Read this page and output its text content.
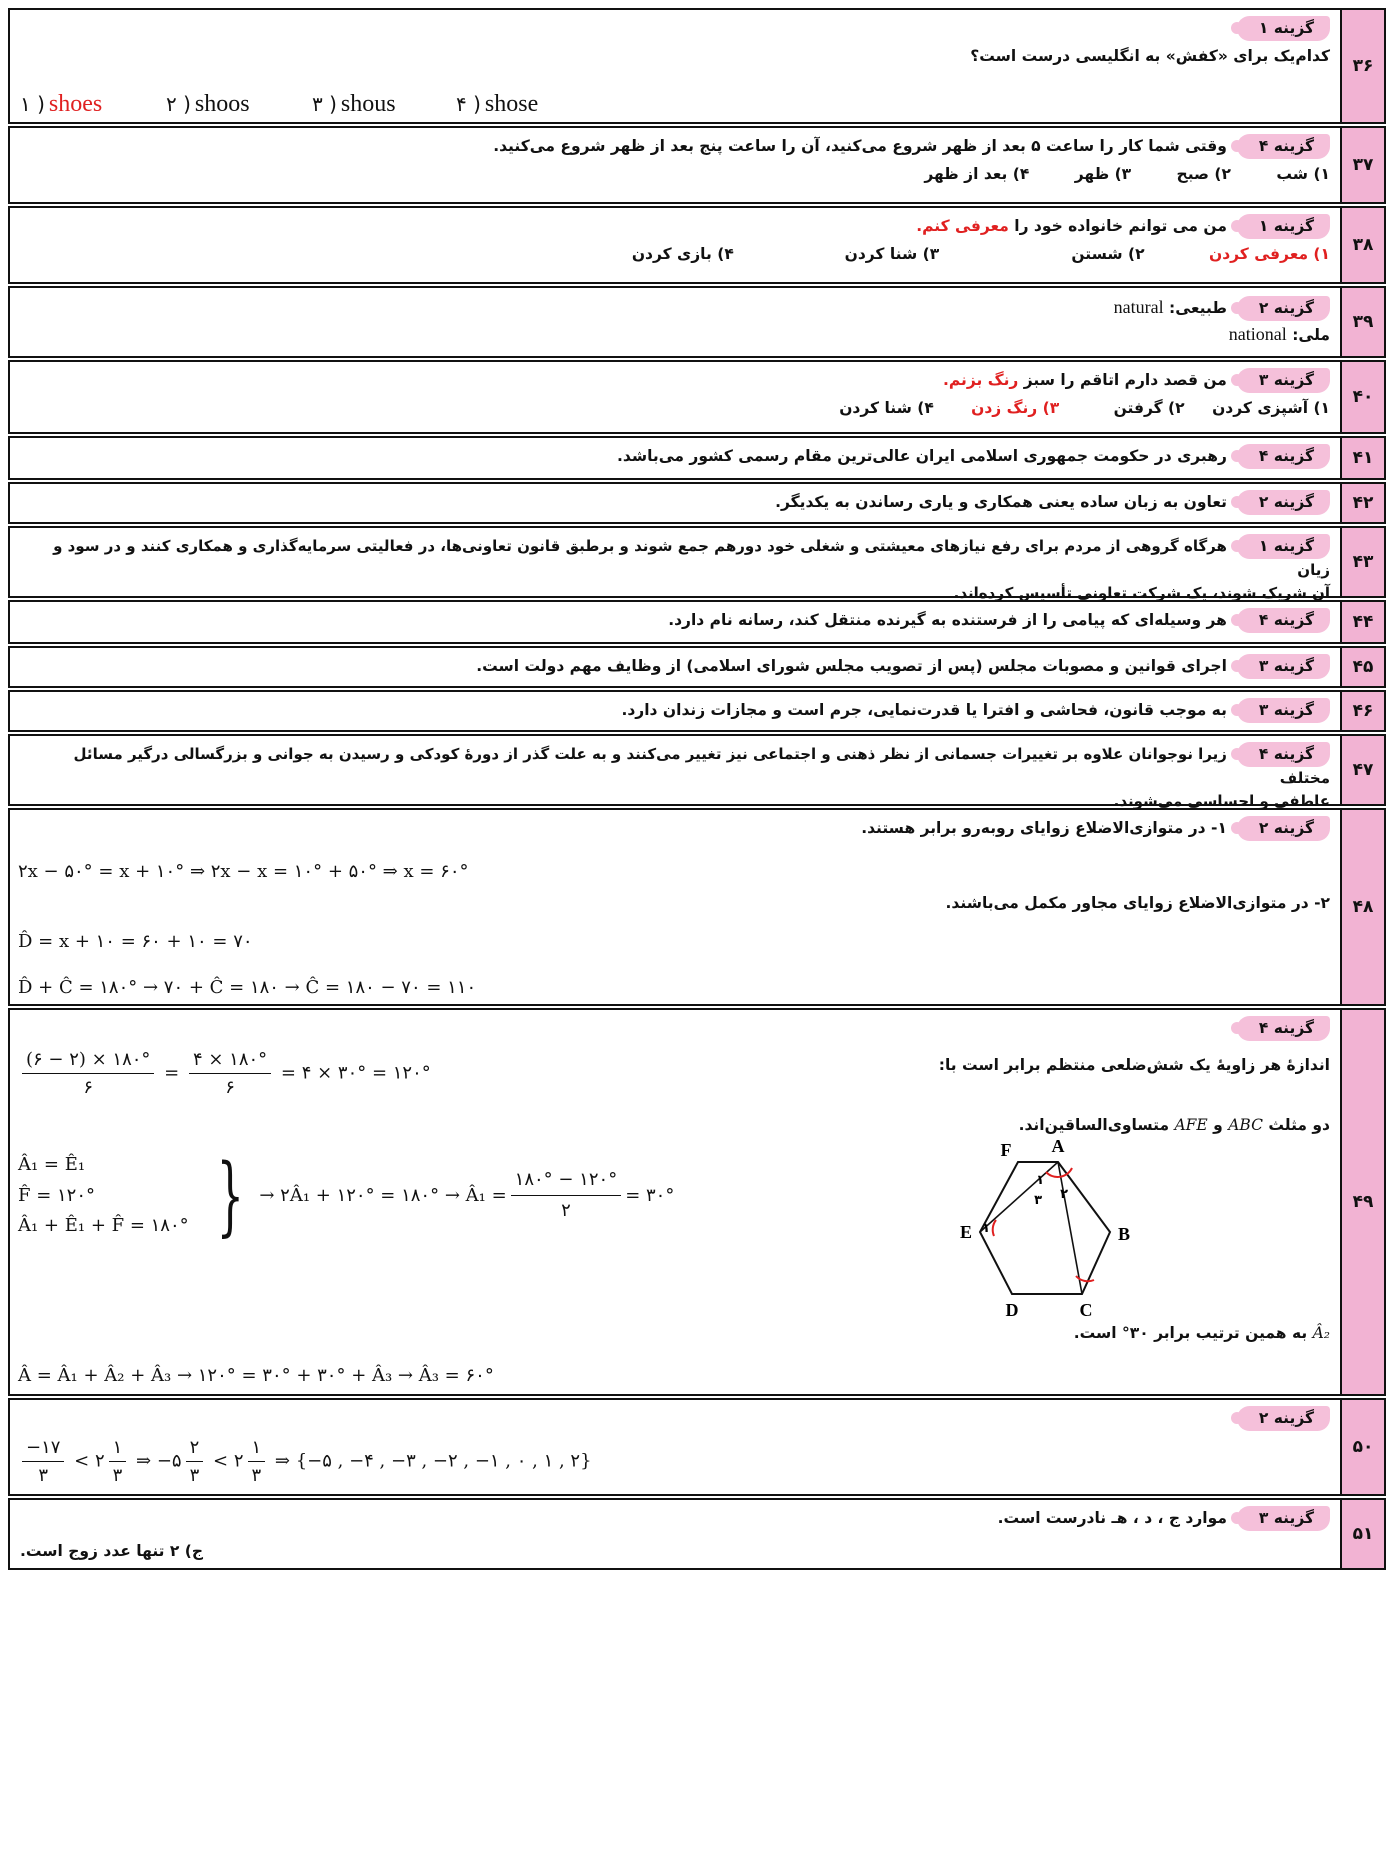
۳۶
گزینه ۱
کدام‌یک برای «کفش» به انگلیسی درست است؟
۱ ) shoes	۲ ) shoos	۳ ) shous	۴ ) shose
۳۷
گزینه ۴وقتی شما کار را ساعت ۵ بعد از ظهر شروع می‌کنید، آن را ساعت پنج بعد از ظهر شروع می‌کنید.
۱) شب ۲) صبح ۳) ظهر ۴) بعد از ظهر
۳۸
گزینه ۱من می توانم خانواده خود را معرفی کنم.
۱) معرفی کردن ۲) شستن ۳) شنا کردن ۴) بازی کردن
۳۹
گزینه ۲طبیعی: natural
ملی: national
۴۰
گزینه ۳من قصد دارم اتاقم را سبز رنگ بزنم.
۱) آشپزی کردن ۲) گرفتن ۳) رنگ زدن ۴) شنا کردن
۴۱
گزینه ۴رهبری در حکومت جمهوری اسلامی ایران عالی‌ترین مقام رسمی کشور می‌باشد.
۴۲
گزینه ۲تعاون به زبان ساده یعنی همکاری و یاری رساندن به یکدیگر.
۴۳
گزینه ۱هرگاه گروهی از مردم برای رفع نیازهای معیشتی و شغلی خود دورهم جمع شوند و برطبق قانون تعاونی‌ها، در فعالیتی سرمایه‌گذاری و همکاری کنند و در سود و زیان
آن شریک شوند، یک شرکت تعاونی تأسیس کرده‌اند.
۴۴
گزینه ۴هر وسیله‌ای که پیامی را از فرستنده به گیرنده منتقل کند، رسانه نام دارد.
۴۵
گزینه ۳اجرای قوانین و مصوبات مجلس (پس از تصویب مجلس شورای اسلامی) از وظایف مهم دولت است.
۴۶
گزینه ۳به موجب قانون، فحاشی و افترا یا قدرت‌نمایی، جرم است و مجازات زندان دارد.
۴۷
گزینه ۴زیرا نوجوانان علاوه بر تغییرات جسمانی از نظر ذهنی و اجتماعی نیز تغییر می‌کنند و به علت گذر از دورهٔ کودکی و رسیدن به جوانی و بزرگسالی درگیر مسائل مختلف
عاطفی و احساسی می‌شوند.
۴۸
گزینه ۲۱- در متوازی‌الاضلاع زوایای روبه‌رو برابر هستند.
۲x − ۵۰° = x + ۱۰° ⇒ ۲x − x = ۱۰° + ۵۰° ⇒ x = ۶۰°
۲- در متوازی‌الاضلاع زوایای مجاور مکمل می‌باشند.
D̂ = x + ۱۰ = ۶۰ + ۱۰ = ۷۰
D̂ + Ĉ = ۱۸۰° → ۷۰ + Ĉ = ۱۸۰ → Ĉ = ۱۸۰ − ۷۰ = ۱۱۰
۴۹
گزینه ۴
اندازهٔ هر زاویهٔ یک شش‌ضلعی منتظم برابر است با:
$\frac{(۶ - ۲) \times ۱۸۰^\circ}{۶} = \frac{۴ \times ۱۸۰^\circ}{۶}$ = ۴ × ۳۰° = ۱۲۰°
دو مثلث ABC و AFE متساوی‌الساقین‌اند.
Â₁ = Ê₁
F̂ = ۱۲۰°
Â₁ + Ê₁ + F̂ = ۱۸۰° } → ۲Â₁ + ۱۲۰° = ۱۸۰° → Â₁ = $\frac{۱۸۰^\circ - ۱۲۰^\circ}{۲}$ = ۳۰°
A
B
C
D
E
F
۱
۲
۳
۱
Â₂ به همین ترتیب برابر ۳۰° است.
Â = Â₁ + Â₂ + Â₃ → ۱۲۰° = ۳۰° + ۳۰° + Â₃ → Â₃ = ۶۰°
۵۰
گزینه ۲
$\frac{-۱۷}{۳}$ < ۲ $\frac{۱}{۳}$ ⇒ −۵ $\frac{۲}{۳}$ < ۲ $\frac{۱}{۳}$ ⇒ {−۵ , −۴ , −۳ , −۲ , −۱ , ۰ , ۱ , ۲}
۵۱
گزینه ۳موارد ج ، د ، هـ نادرست است.
ج) ۲ تنها عدد زوج است.
